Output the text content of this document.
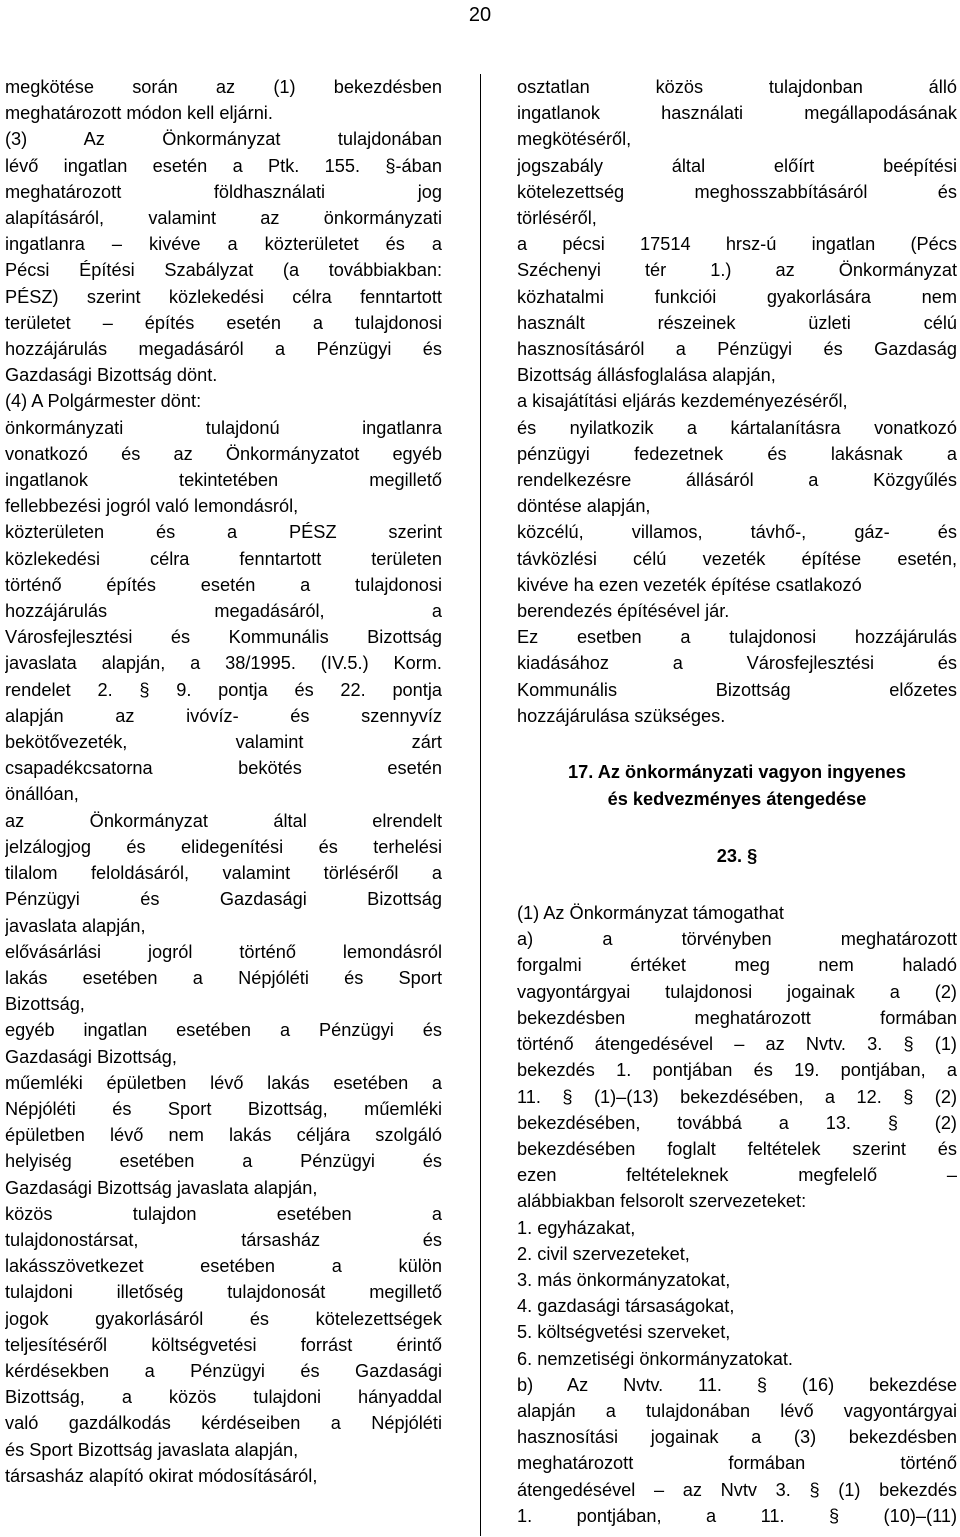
20
megkötése során az (1) bekezdésben
meghatározott módon kell eljárni.
(3) Az Önkormányzat tulajdonában
lévő ingatlan esetén a Ptk. 155. §-ában
meghatározott földhasználati jog
alapításáról, valamint az önkormányzati
ingatlanra – kivéve a közterületet és a
Pécsi Építési Szabályzat (a továbbiakban:
PÉSZ) szerint közlekedési célra fenntartott
területet – építés esetén a tulajdonosi
hozzájárulás megadásáról a Pénzügyi és
Gazdasági Bizottság dönt.
(4) A Polgármester dönt:
önkormányzati tulajdonú ingatlanra
vonatkozó és az Önkormányzatot egyéb
ingatlanok tekintetében megillető
fellebbezési jogról való lemondásról,
közterületen és a PÉSZ szerint
közlekedési célra fenntartott területen
történő építés esetén a tulajdonosi
hozzájárulás megadásáról, a
Városfejlesztési és Kommunális Bizottság
javaslata alapján, a 38/1995. (IV.5.) Korm.
rendelet 2. § 9. pontja és 22. pontja
alapján az ivóvíz- és szennyvíz
bekötővezeték, valamint zárt
csapadékcsatorna bekötés esetén
önállóan,
az Önkormányzat által elrendelt
jelzálogjog és elidegenítési és terhelési
tilalom feloldásáról, valamint törléséről a
Pénzügyi és Gazdasági Bizottság
javaslata alapján,
elővásárlási jogról történő lemondásról
lakás esetében a Népjóléti és Sport
Bizottság,
egyéb ingatlan esetében a Pénzügyi és
Gazdasági Bizottság,
műemléki épületben lévő lakás esetében a
Népjóléti és Sport Bizottság, műemléki
épületben lévő nem lakás céljára szolgáló
helyiség esetében a Pénzügyi és
Gazdasági Bizottság javaslata alapján,
közös tulajdon esetében a
tulajdonostársat, társasház és
lakásszövetkezet esetében a külön
tulajdoni illetőség tulajdonosát megillető
jogok gyakorlásáról és kötelezettségek
teljesítéséről költségvetési forrást érintő
kérdésekben a Pénzügyi és Gazdasági
Bizottság, a közös tulajdoni hányaddal
való gazdálkodás kérdéseiben a Népjóléti
és Sport Bizottság javaslata alapján,
társasház alapító okirat módosításáról,
osztatlan közös tulajdonban álló
ingatlanok használati megállapodásának
megkötéséről,
jogszabály által előírt beépítési
kötelezettség meghosszabbításáról és
törléséről,
a pécsi 17514 hrsz-ú ingatlan (Pécs
Széchenyi tér 1.) az Önkormányzat
közhatalmi funkciói gyakorlására nem
használt részeinek üzleti célú
hasznosításáról a Pénzügyi és Gazdaság
Bizottság állásfoglalása alapján,
a kisajátítási eljárás kezdeményezéséről,
és nyilatkozik a kártalanításra vonatkozó
pénzügyi fedezetnek és lakásnak a
rendelkezésre állásáról a Közgyűlés
döntése alapján,
közcélú, villamos, távhő-, gáz- és
távközlési célú vezeték építése esetén,
kivéve ha ezen vezeték építése csatlakozó
berendezés építésével jár.
Ez esetben a tulajdonosi hozzájárulás
kiadásához a Városfejlesztési és
Kommunális Bizottság előzetes
hozzájárulása szükséges.
17. Az önkormányzati vagyon ingyenes
és kedvezményes átengedése
23. §
(1) Az Önkormányzat támogathat
a) a törvényben meghatározott
forgalmi értéket meg nem haladó
vagyontárgyai tulajdonosi jogainak a (2)
bekezdésben meghatározott formában
történő átengedésével – az Nvtv. 3. § (1)
bekezdés 1. pontjában és 19. pontjában, a
11. § (1)–(13) bekezdésében, a 12. § (2)
bekezdésében, továbbá a 13. § (2)
bekezdésében foglalt feltételek szerint és
ezen feltételeknek megfelelő –
alábbiakban felsorolt szervezeteket:
1. egyházakat,
2. civil szervezeteket,
3. más önkormányzatokat,
4. gazdasági társaságokat,
5. költségvetési szerveket,
6. nemzetiségi önkormányzatokat.
b) Az Nvtv. 11. § (16) bekezdése
alapján a tulajdonában lévő vagyontárgyai
hasznosítási jogainak a (3) bekezdésben
meghatározott formában történő
átengedésével – az Nvtv 3. § (1) bekezdés
1. pontjában, a 11. § (10)–(11)
